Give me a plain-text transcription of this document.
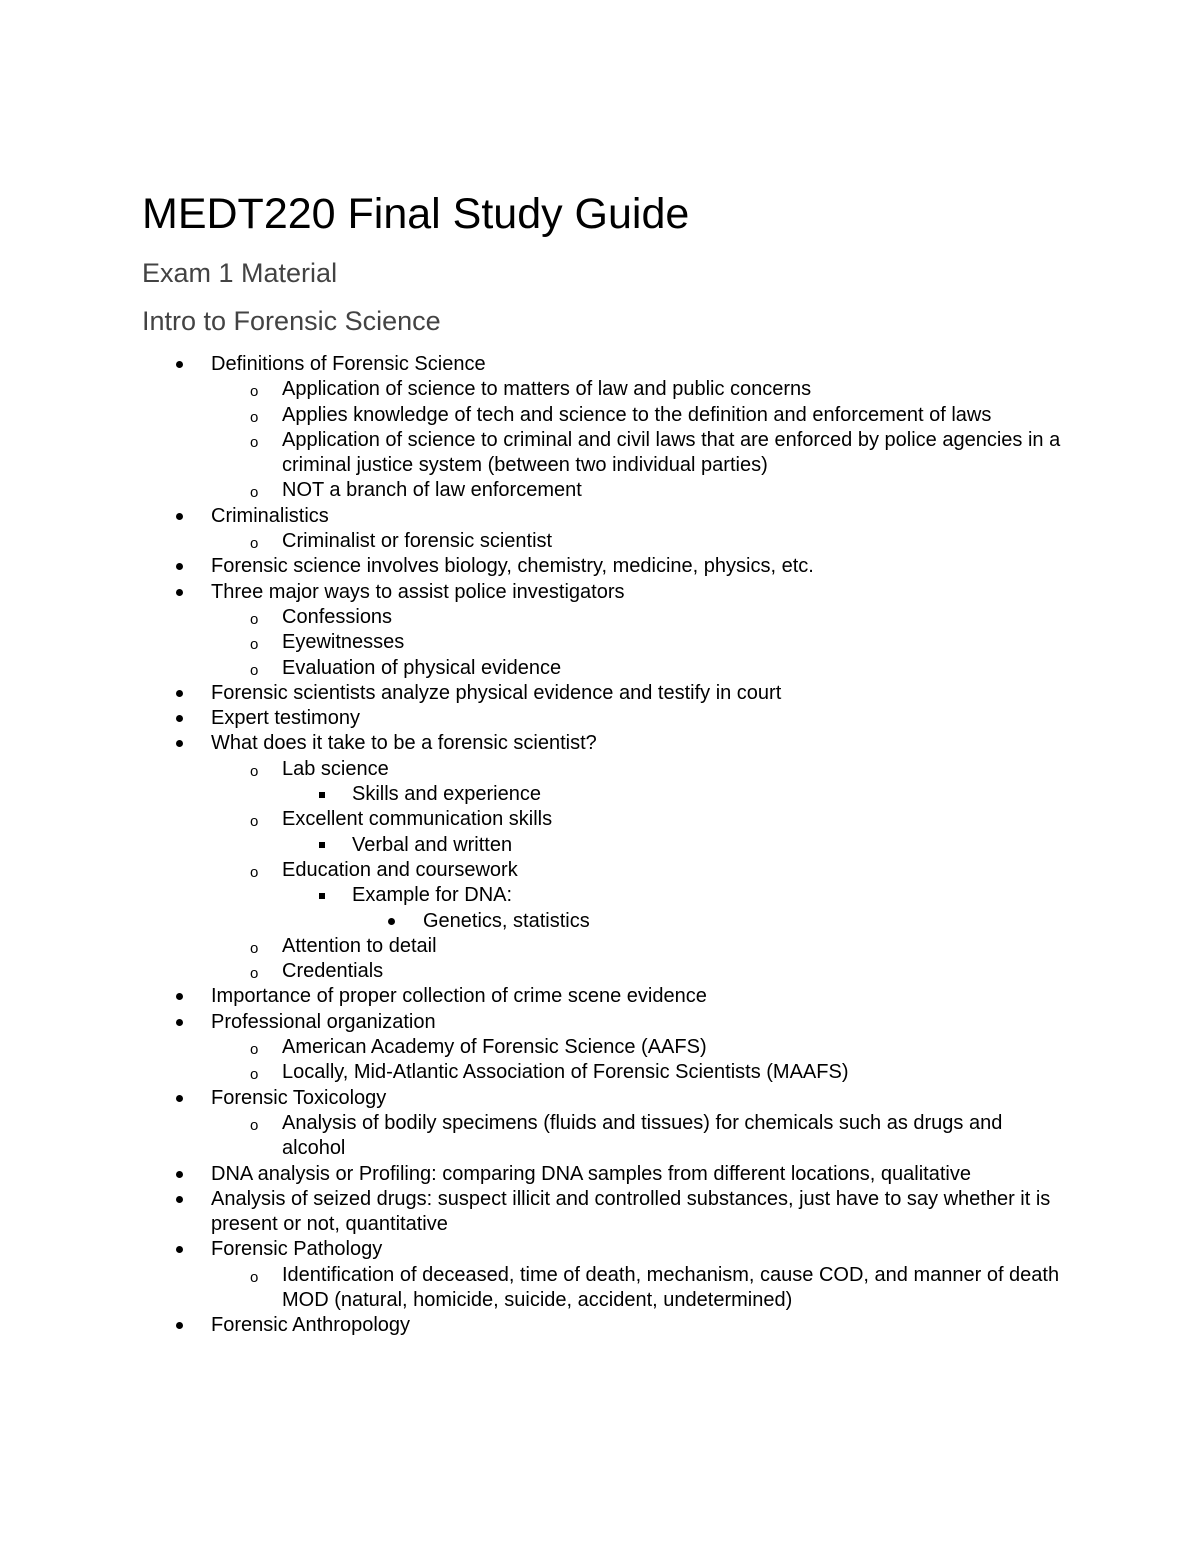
MEDT220 Final Study Guide
Exam 1 Material
Intro to Forensic Science
Definitions of Forensic Science
o Application of science to matters of law and public concerns
o Applies knowledge of tech and science to the definition and enforcement of laws
o Application of science to criminal and civil laws that are enforced by police agencies in a criminal justice system (between two individual parties)
o NOT a branch of law enforcement
Criminalistics
o Criminalist or forensic scientist
Forensic science involves biology, chemistry, medicine, physics, etc.
Three major ways to assist police investigators
o Confessions
o Eyewitnesses
o Evaluation of physical evidence
Forensic scientists analyze physical evidence and testify in court
Expert testimony
What does it take to be a forensic scientist?
o Lab science
Skills and experience
o Excellent communication skills
Verbal and written
o Education and coursework
Example for DNA:
Genetics, statistics
o Attention to detail
o Credentials
Importance of proper collection of crime scene evidence
Professional organization
o American Academy of Forensic Science (AAFS)
o Locally, Mid-Atlantic Association of Forensic Scientists (MAAFS)
Forensic Toxicology
o Analysis of bodily specimens (fluids and tissues) for chemicals such as drugs and alcohol
DNA analysis or Profiling: comparing DNA samples from different locations, qualitative
Analysis of seized drugs: suspect illicit and controlled substances, just have to say whether it is present or not, quantitative
Forensic Pathology
o Identification of deceased, time of death, mechanism, cause COD, and manner of death MOD (natural, homicide, suicide, accident, undetermined)
Forensic Anthropology
